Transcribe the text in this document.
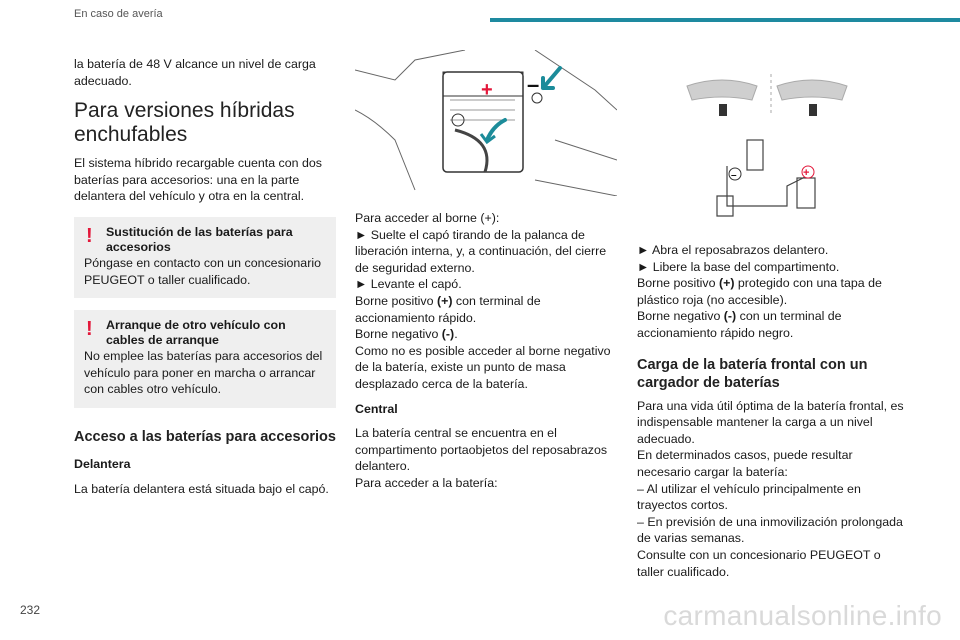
En caso de avería

la batería de 48 V alcance un nivel de carga adecuado.

Para versiones híbridas enchufables

El sistema híbrido recargable cuenta con dos baterías para accesorios: una en la parte delantera del vehículo y otra en la central.

!	Sustitución de las baterías para accesorios

Póngase en contacto con un concesionario PEUGEOT o taller cualificado.

!	Arranque de otro vehículo con cables de arranque

No emplee las baterías para accesorios del vehículo para poner en marcha o arrancar con cables otro vehículo.

Acceso a las baterías para accesorios

Delantera

La batería delantera está situada bajo el capó.

+ –

Para acceder al borne (+):

► Suelte el capó tirando de la palanca de liberación interna, y, a continuación, del cierre de seguridad externo.

► Levante el capó.

Borne positivo (+) con terminal de accionamiento rápido.

Borne negativo (-).

Como no es posible acceder al borne negativo de la batería, existe un punto de masa desplazado cerca de la batería.

Central

La batería central se encuentra en el compartimento portaobjetos del reposabrazos delantero.

Para acceder a la batería:

–	+

► Abra el reposabrazos delantero.

► Libere la base del compartimento.

Borne positivo (+) protegido con una tapa de plástico roja (no accesible).

Borne negativo (-) con un terminal de accionamiento rápido negro.

Carga de la batería frontal con un cargador de baterías

Para una vida útil óptima de la batería frontal, es indispensable mantener la carga a un nivel adecuado.

En determinados casos, puede resultar necesario cargar la batería:

– Al utilizar el vehículo principalmente en trayectos cortos.

– En previsión de una inmovilización prolongada de varias semanas.

Consulte con un concesionario PEUGEOT o taller cualificado.

232	carmanualsonline.info
